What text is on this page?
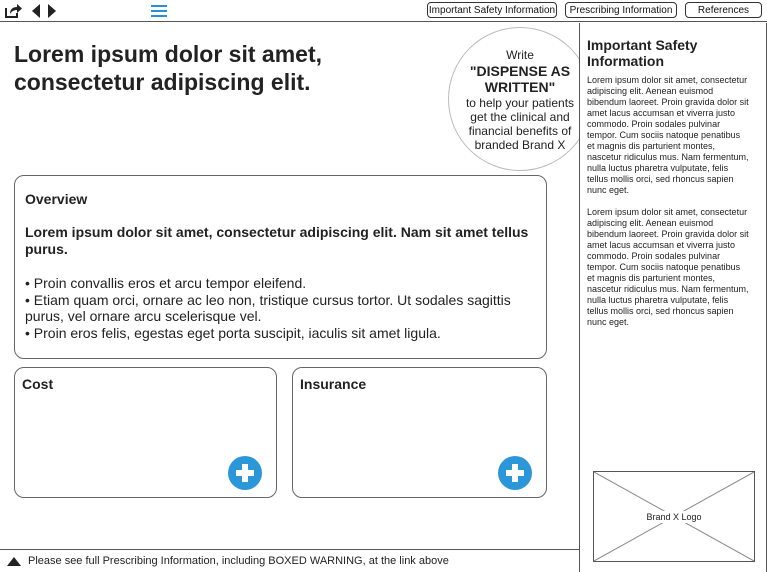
Important Safety Information	Prescribing Information	References
Lorem ipsum dolor sit amet, consectetur adipiscing elit.
Write
"DISPENSE AS WRITTEN"
to help your patients get the clinical and financial benefits of branded Brand X
Overview
Lorem ipsum dolor sit amet, consectetur adipiscing elit. Nam sit amet tellus purus.
• Proin convallis eros et arcu tempor eleifend.
• Etiam quam orci, ornare ac leo non, tristique cursus tortor. Ut sodales sagittis purus, vel ornare arcu scelerisque vel.
• Proin eros felis, egestas eget porta suscipit, iaculis sit amet ligula.
Cost	Insurance
Please see full Prescribing Information, including BOXED WARNING, at the link above
Important Safety Information

Lorem ipsum dolor sit amet, consectetur adipiscing elit. Aenean euismod bibendum laoreet. Proin gravida dolor sit amet lacus accumsan et viverra justo commodo. Proin sodales pulvinar tempor. Cum sociis natoque penatibus et magnis dis parturient montes, nascetur ridiculus mus. Nam fermentum, nulla luctus pharetra vulputate, felis tellus mollis orci, sed rhoncus sapien nunc eget.

Lorem ipsum dolor sit amet, consectetur adipiscing elit. Aenean euismod bibendum laoreet. Proin gravida dolor sit amet lacus accumsan et viverra justo commodo. Proin sodales pulvinar tempor. Cum sociis natoque penatibus et magnis dis parturient montes, nascetur ridiculus mus. Nam fermentum, nulla luctus pharetra vulputate, felis tellus mollis orci, sed rhoncus sapien nunc eget.

Brand X Logo
